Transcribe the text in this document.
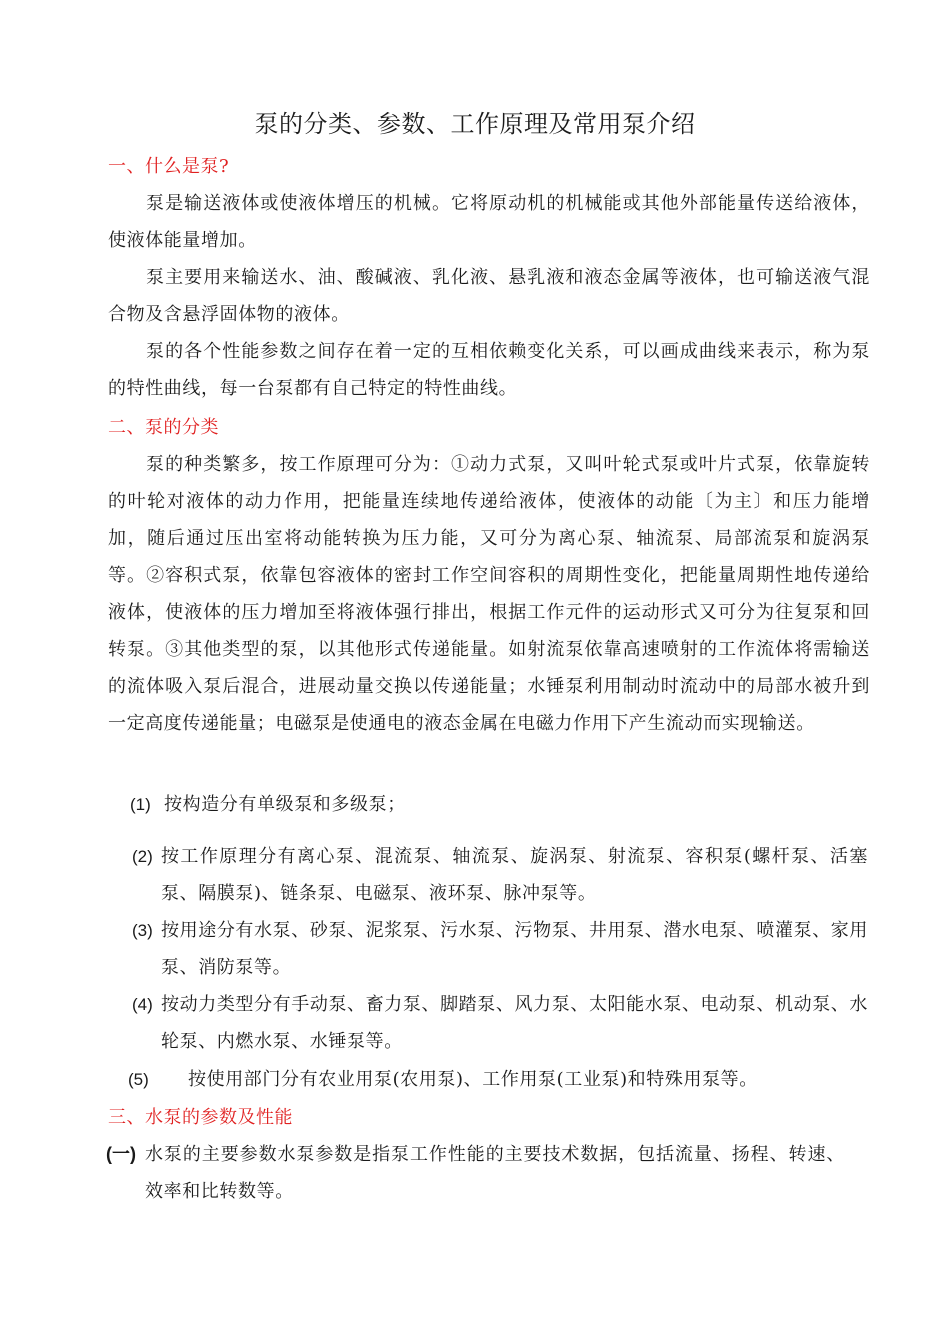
泵的分类、参数、工作原理及常用泵介绍
一、什么是泵?
泵是输送液体或使液体增压的机械。它将原动机的机械能或其他外部能量传送给液体，使液体能量增加。
泵主要用来输送水、油、酸碱液、乳化液、悬乳液和液态金属等液体，也可输送液气混合物及含悬浮固体物的液体。
泵的各个性能参数之间存在着一定的互相依赖变化关系，可以画成曲线来表示，称为泵的特性曲线，每一台泵都有自己特定的特性曲线。
二、泵的分类
泵的种类繁多，按工作原理可分为：①动力式泵，又叫叶轮式泵或叶片式泵，依靠旋转的叶轮对液体的动力作用，把能量连续地传递给液体，使液体的动能〔为主〕和压力能增加，随后通过压出室将动能转换为压力能，又可分为离心泵、轴流泵、局部流泵和旋涡泵等。②容积式泵，依靠包容液体的密封工作空间容积的周期性变化，把能量周期性地传递给液体，使液体的压力增加至将液体强行排出，根据工作元件的运动形式又可分为往复泵和回转泵。③其他类型的泵，以其他形式传递能量。如射流泵依靠高速喷射的工作流体将需输送的流体吸入泵后混合，进展动量交换以传递能量；水锤泵利用制动时流动中的局部水被升到一定高度传递能量；电磁泵是使通电的液态金属在电磁力作用下产生流动而实现输送。
(1) 按构造分有单级泵和多级泵；
(2) 按工作原理分有离心泵、混流泵、轴流泵、旋涡泵、射流泵、容积泵(螺杆泵、活塞泵、隔膜泵)、链条泵、电磁泵、液环泵、脉冲泵等。
(3) 按用途分有水泵、砂泵、泥浆泵、污水泵、污物泵、井用泵、潜水电泵、喷灌泵、家用泵、消防泵等。
(4) 按动力类型分有手动泵、畜力泵、脚踏泵、风力泵、太阳能水泵、电动泵、机动泵、水轮泵、内燃水泵、水锤泵等。
(5) 按使用部门分有农业用泵(农用泵)、工作用泵(工业泵)和特殊用泵等。
三、水泵的参数及性能
(一) 水泵的主要参数水泵参数是指泵工作性能的主要技术数据，包括流量、扬程、转速、效率和比转数等。
